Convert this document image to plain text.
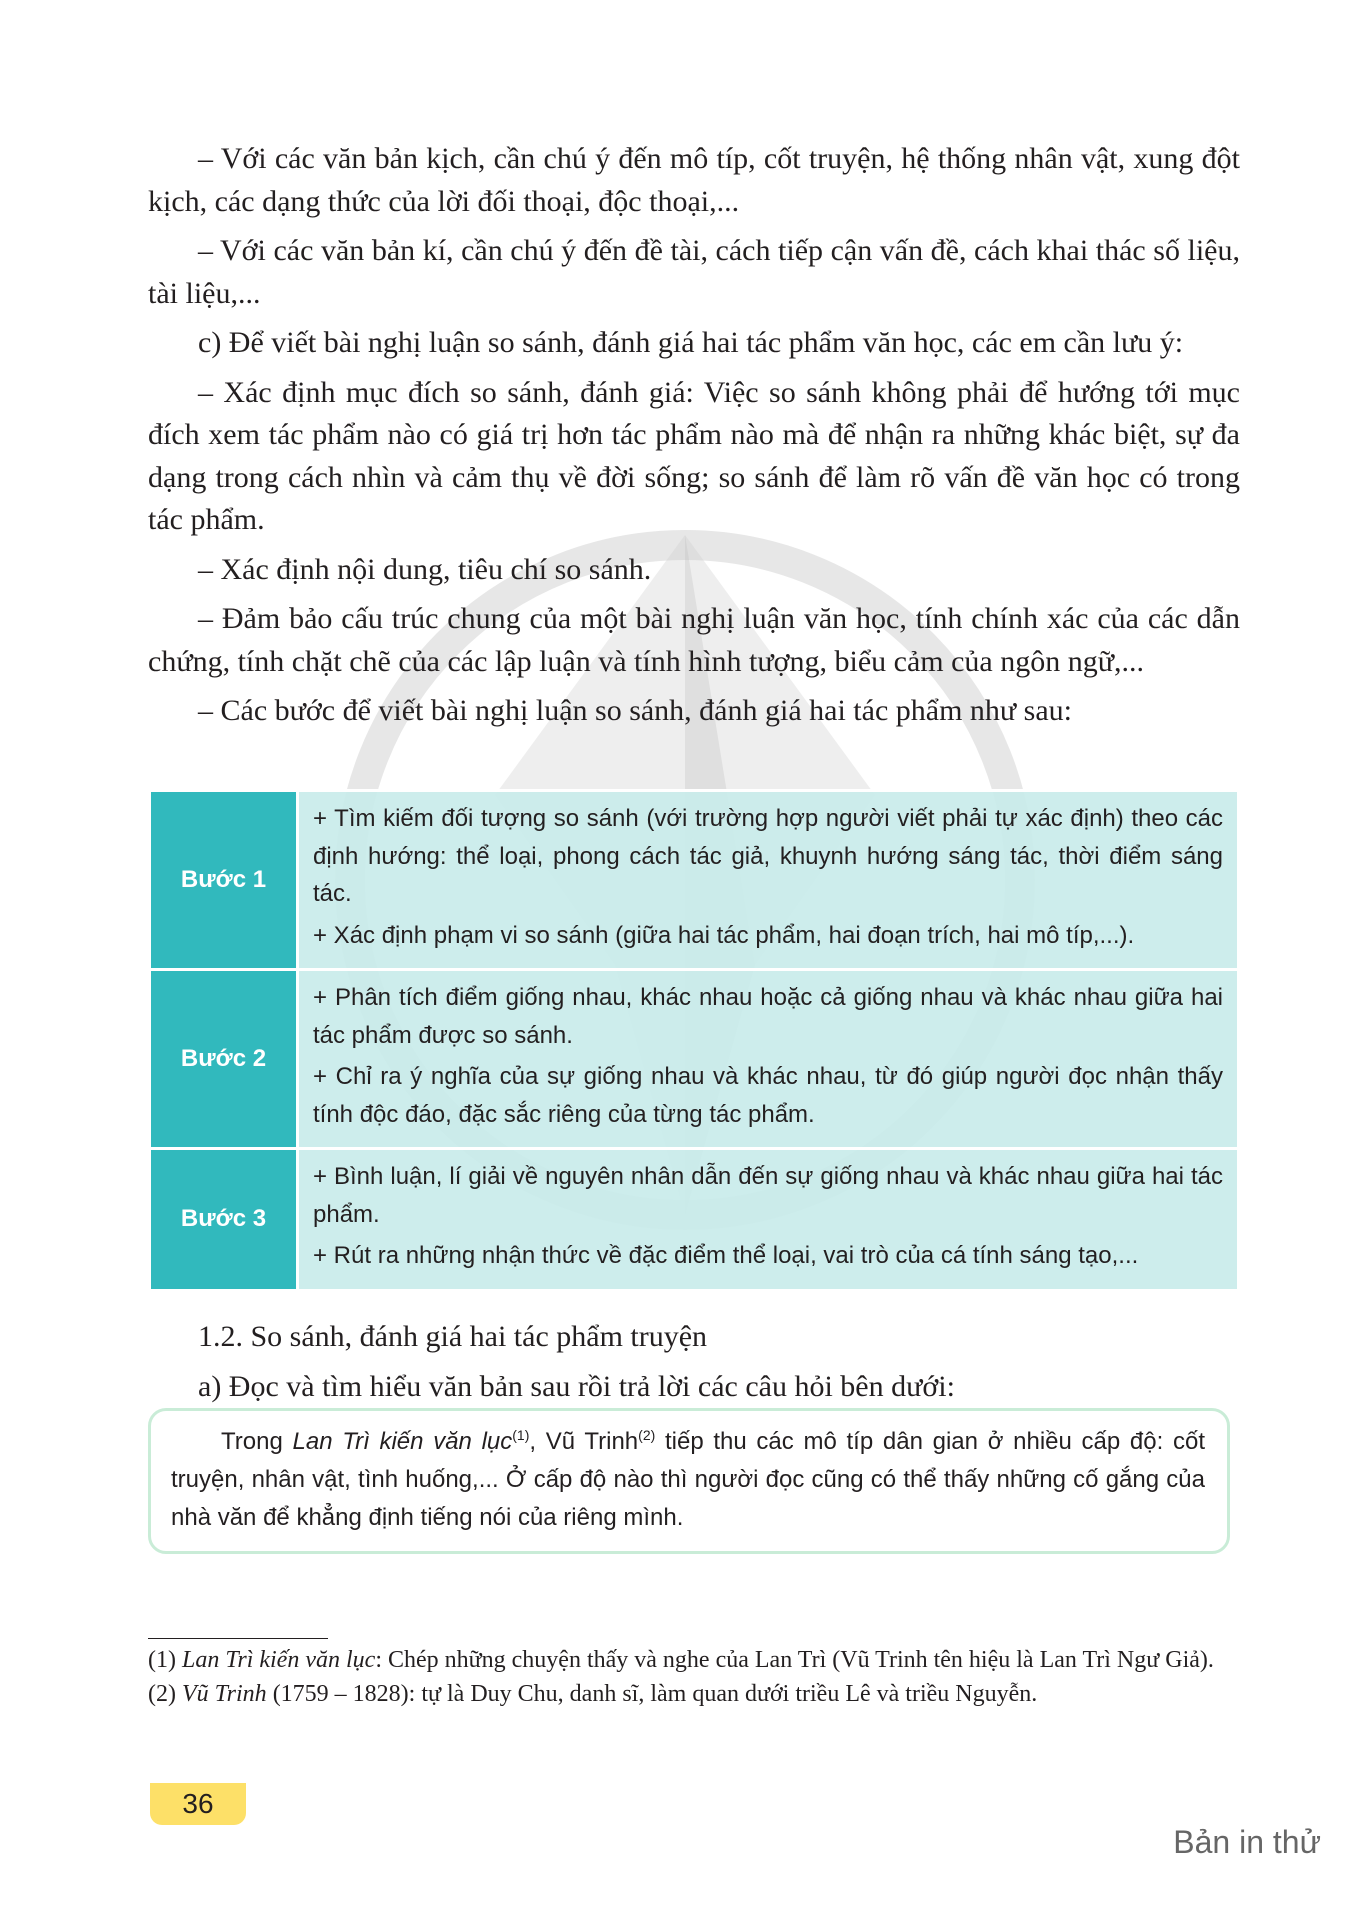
– Với các văn bản kịch, cần chú ý đến mô típ, cốt truyện, hệ thống nhân vật, xung đột kịch, các dạng thức của lời đối thoại, độc thoại,...

– Với các văn bản kí, cần chú ý đến đề tài, cách tiếp cận vấn đề, cách khai thác số liệu, tài liệu,...

c) Để viết bài nghị luận so sánh, đánh giá hai tác phẩm văn học, các em cần lưu ý:

– Xác định mục đích so sánh, đánh giá: Việc so sánh không phải để hướng tới mục đích xem tác phẩm nào có giá trị hơn tác phẩm nào mà để nhận ra những khác biệt, sự đa dạng trong cách nhìn và cảm thụ về đời sống; so sánh để làm rõ vấn đề văn học có trong tác phẩm.

– Xác định nội dung, tiêu chí so sánh.

– Đảm bảo cấu trúc chung của một bài nghị luận văn học, tính chính xác của các dẫn chứng, tính chặt chẽ của các lập luận và tính hình tượng, biểu cảm của ngôn ngữ,...

– Các bước để viết bài nghị luận so sánh, đánh giá hai tác phẩm như sau:

Bước 1	+ Tìm kiếm đối tượng so sánh (với trường hợp người viết phải tự xác định) theo các định hướng: thể loại, phong cách tác giả, khuynh hướng sáng tác, thời điểm sáng tác.

+ Xác định phạm vi so sánh (giữa hai tác phẩm, hai đoạn trích, hai mô típ,...).

Bước 2	+ Phân tích điểm giống nhau, khác nhau hoặc cả giống nhau và khác nhau giữa hai tác phẩm được so sánh.

+ Chỉ ra ý nghĩa của sự giống nhau và khác nhau, từ đó giúp người đọc nhận thấy tính độc đáo, đặc sắc riêng của từng tác phẩm.

Bước 3	+ Bình luận, lí giải về nguyên nhân dẫn đến sự giống nhau và khác nhau giữa hai tác phẩm.

+ Rút ra những nhận thức về đặc điểm thể loại, vai trò của cá tính sáng tạo,...

1.2. So sánh, đánh giá hai tác phẩm truyện

a) Đọc và tìm hiểu văn bản sau rồi trả lời các câu hỏi bên dưới:

Trong Lan Trì kiến văn lục$^{(1)}$, Vũ Trinh$^{(2)}$ tiếp thu các mô típ dân gian ở nhiều cấp độ: cốt truyện, nhân vật, tình huống,... Ở cấp độ nào thì người đọc cũng có thể thấy những cố gắng của nhà văn để khẳng định tiếng nói của riêng mình.

(1) Lan Trì kiến văn lục: Chép những chuyện thấy và nghe của Lan Trì (Vũ Trinh tên hiệu là Lan Trì Ngư Giả).

(2) Vũ Trinh (1759 – 1828): tự là Duy Chu, danh sĩ, làm quan dưới triều Lê và triều Nguyễn.

36
Bản in thử
